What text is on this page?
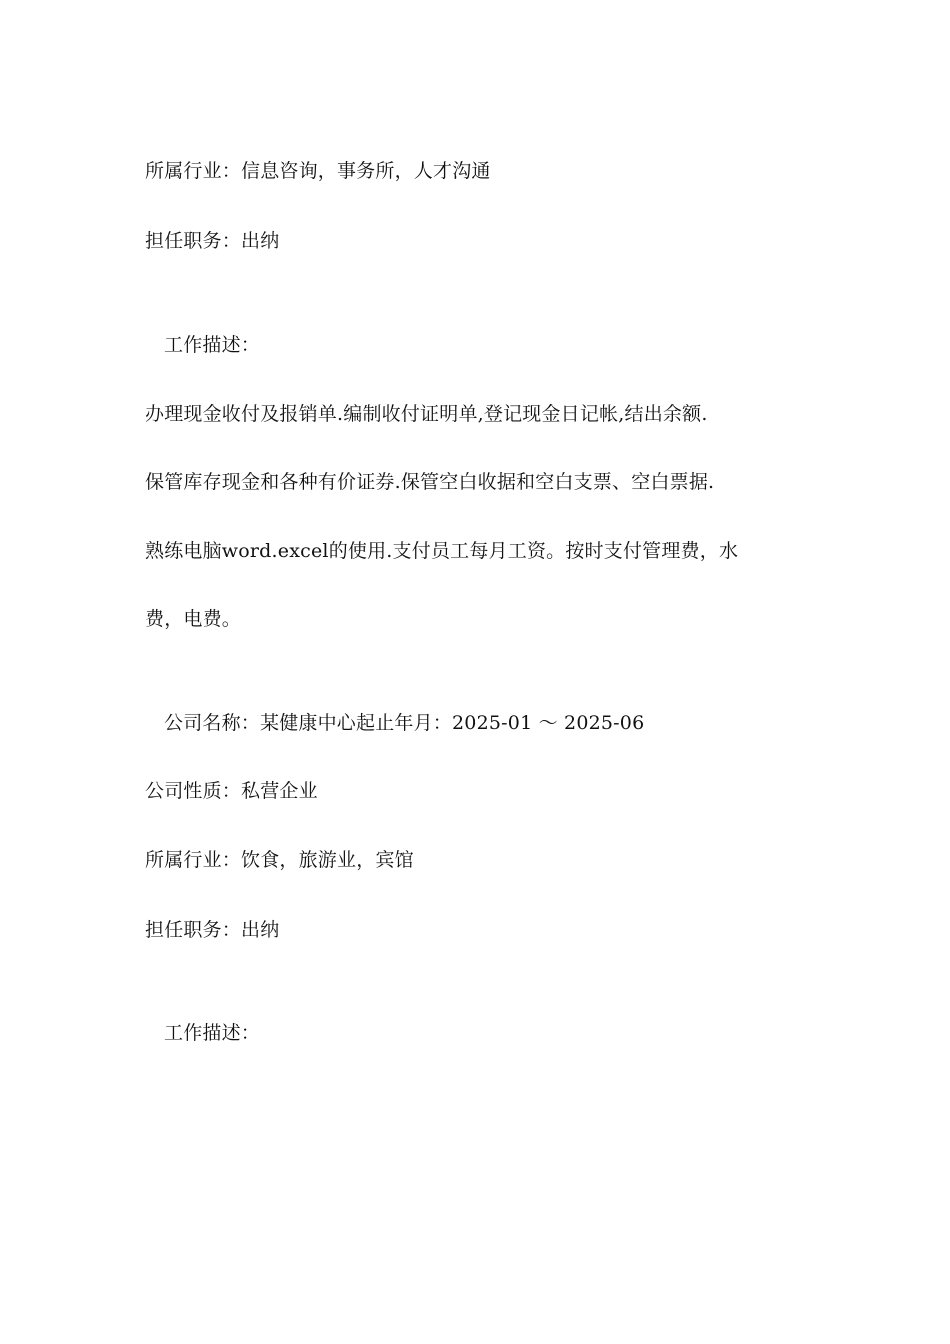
所属行业：信息咨询，事务所，人才沟通
担任职务：出纳
工作描述：
办理现金收付及报销单.编制收付证明单,登记现金日记帐,结出余额.
保管库存现金和各种有价证券.保管空白收据和空白支票、空白票据.
熟练电脑word.excel的使用.支付员工每月工资。按时支付管理费，水
费，电费。
公司名称：某健康中心起止年月：2025-01 ～ 2025-06
公司性质：私营企业
所属行业：饮食，旅游业，宾馆
担任职务：出纳
工作描述：
